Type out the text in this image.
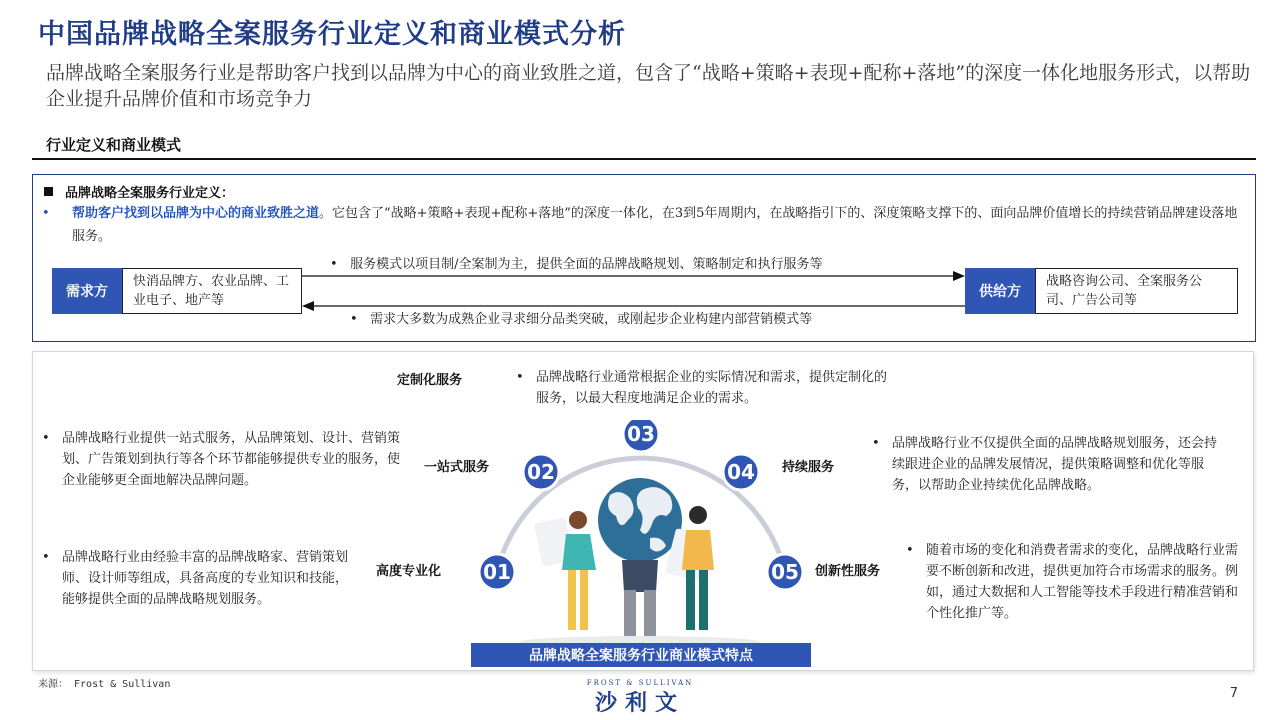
中国品牌战略全案服务行业定义和商业模式分析
品牌战略全案服务行业是帮助客户找到以品牌为中心的商业致胜之道，包含了“战略+策略+表现+配称+落地”的深度一体化地服务形式，以帮助企业提升品牌价值和市场竞争力
行业定义和商业模式
品牌战略全案服务行业定义：
• 帮助客户找到以品牌为中心的商业致胜之道。它包含了“战略+策略+表现+配称+落地”的深度一体化，在3到5年周期内，在战略指引下的、深度策略支撑下的、面向品牌价值增长的持续营销品牌建设落地服务。
需求方
快消品牌方、农业品牌、工业电子、地产等
供给方
战略咨询公司、全案服务公司、广告公司等
•   服务模式以项目制/全案制为主，提供全面的品牌战略规划、策略制定和执行服务等
•   需求大多数为成熟企业寻求细分品类突破，或刚起步企业构建内部营销模式等
01
02
03
04
05
高度专业化
一站式服务
定制化服务
持续服务
创新性服务
• 品牌战略行业由经验丰富的品牌战略家、营销策划师、设计师等组成，具备高度的专业知识和技能，能够提供全面的品牌战略规划服务。
• 品牌战略行业提供一站式服务，从品牌策划、设计、营销策划、广告策划到执行等各个环节都能够提供专业的服务，使企业能够更全面地解决品牌问题。
• 品牌战略行业通常根据企业的实际情况和需求，提供定制化的服务，以最大程度地满足企业的需求。
• 品牌战略行业不仅提供全面的品牌战略规划服务，还会持续跟进企业的品牌发展情况，提供策略调整和优化等服务，以帮助企业持续优化品牌战略。
• 随着市场的变化和消费者需求的变化，品牌战略行业需要不断创新和改进，提供更加符合市场需求的服务。例如，通过大数据和人工智能等技术手段进行精准营销和个性化推广等。
品牌战略全案服务行业商业模式特点
来源： Frost & Sullivan	FROST & SULLIVAN
沙利文	7
